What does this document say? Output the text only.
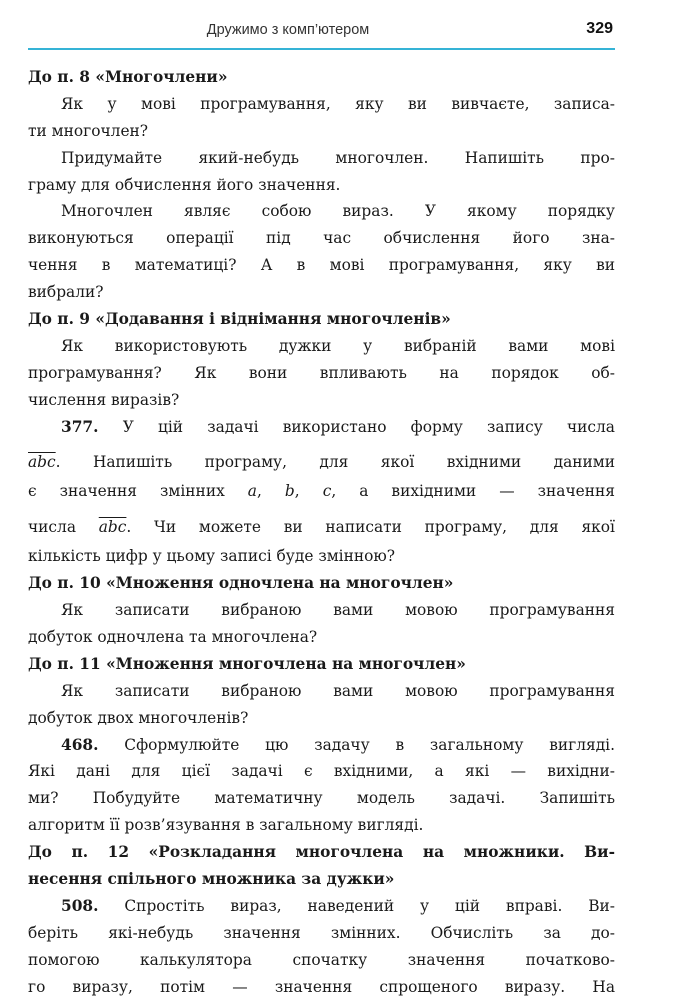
Дружимо з комп’ютером	329
До п. 8 «Многочлени»
Як у мові програмування, яку ви вивчаєте, записа-
ти многочлен?
Придумайте який-небудь многочлен. Напишіть про-
граму для обчислення його значення.
Многочлен являє собою вираз. У якому порядку
виконуються операції під час обчислення його зна-
чення в математиці? А в мові програмування, яку ви
вибрали?
До п. 9 «Додавання і віднімання многочленів»
Як використовують дужки у вибраній вами мові
програмування? Як вони впливають на порядок об-
числення виразів?
377. У цій задачі використано форму запису числа
$\overline{abc}$. Напишіть програму, для якої вхідними даними
є значення змінних a, b, c, а вихідними — значення
числа $\overline{abc}$. Чи можете ви написати програму, для якої
кількість цифр у цьому записі буде змінною?
До п. 10 «Множення одночлена на многочлен»
Як записати вибраною вами мовою програмування
добуток одночлена та многочлена?
До п. 11 «Множення многочлена на многочлен»
Як записати вибраною вами мовою програмування
добуток двох многочленів?
468. Сформулюйте цю задачу в загальному вигляді.
Які дані для цієї задачі є вхідними, а які — вихідни-
ми? Побудуйте математичну модель задачі. Запишіть
алгоритм її розв’язування в загальному вигляді.
До п. 12 «Розкладання многочлена на множники. Ви-
несення спільного множника за дужки»
508. Спростіть вираз, наведений у цій вправі. Ви-
беріть які-небудь значення змінних. Обчисліть за до-
помогою калькулятора спочатку значення початково-
го виразу, потім — значення спрощеного виразу. На
